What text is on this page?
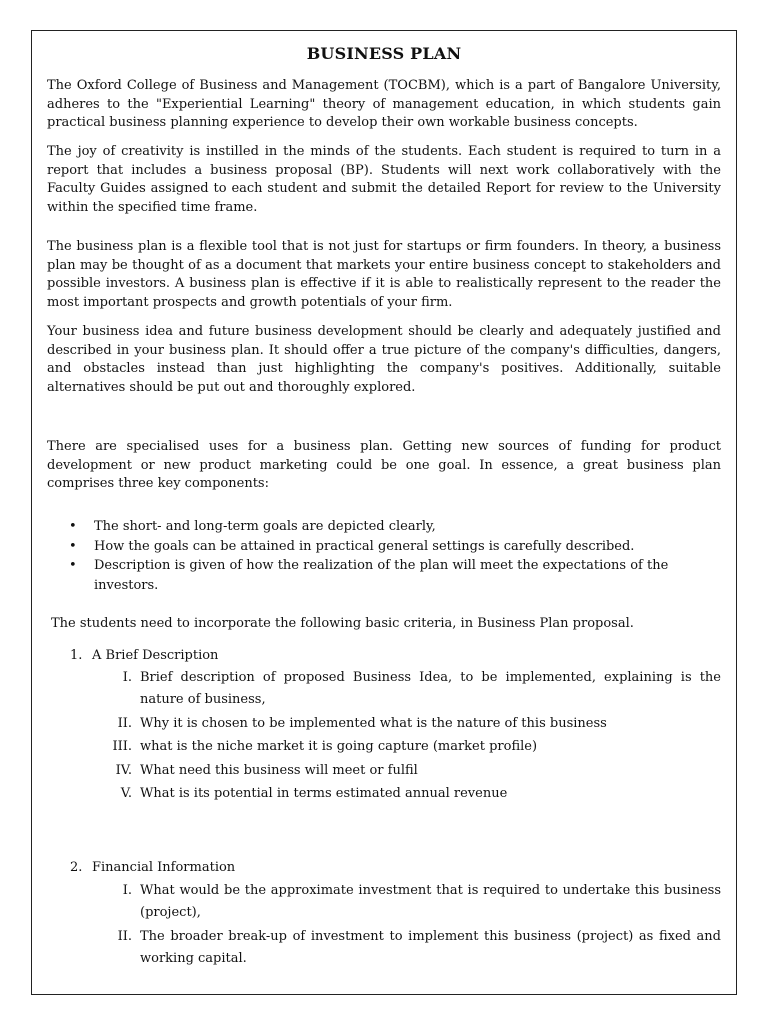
BUSINESS PLAN

The Oxford College of Business and Management (TOCBM), which is a part of Bangalore University, adheres to the "Experiential Learning" theory of management education, in which students gain practical business planning experience to develop their own workable business concepts.

The joy of creativity is instilled in the minds of the students. Each student is required to turn in a report that includes a business proposal (BP). Students will next work collaboratively with the Faculty Guides assigned to each student and submit the detailed Report for review to the University within the specified time frame.

The business plan is a flexible tool that is not just for startups or firm founders. In theory, a business plan may be thought of as a document that markets your entire business concept to stakeholders and possible investors. A business plan is effective if it is able to realistically represent to the reader the most important prospects and growth potentials of your firm.

Your business idea and future business development should be clearly and adequately justified and described in your business plan. It should offer a true picture of the company's difficulties, dangers, and obstacles instead than just highlighting the company's positives. Additionally, suitable alternatives should be put out and thoroughly explored.

There are specialised uses for a business plan. Getting new sources of funding for product development or new product marketing could be one goal. In essence, a great business plan comprises three key components:

• The short- and long-term goals are depicted clearly,
• How the goals can be attained in practical general settings is carefully described.
• Description is given of how the realization of the plan will meet the expectations of the investors.

The students need to incorporate the following basic criteria, in Business Plan proposal.

1. A Brief Description
I. Brief description of proposed Business Idea, to be implemented, explaining is the nature of business,
II. Why it is chosen to be implemented what is the nature of this business
III. what is the niche market it is going capture (market profile)
IV. What need this business will meet or fulfil
V. What is its potential in terms estimated annual revenue
2. Financial Information
I. What would be the approximate investment that is required to undertake this business (project),
II. The broader break-up of investment to implement this business (project) as fixed and working capital.
